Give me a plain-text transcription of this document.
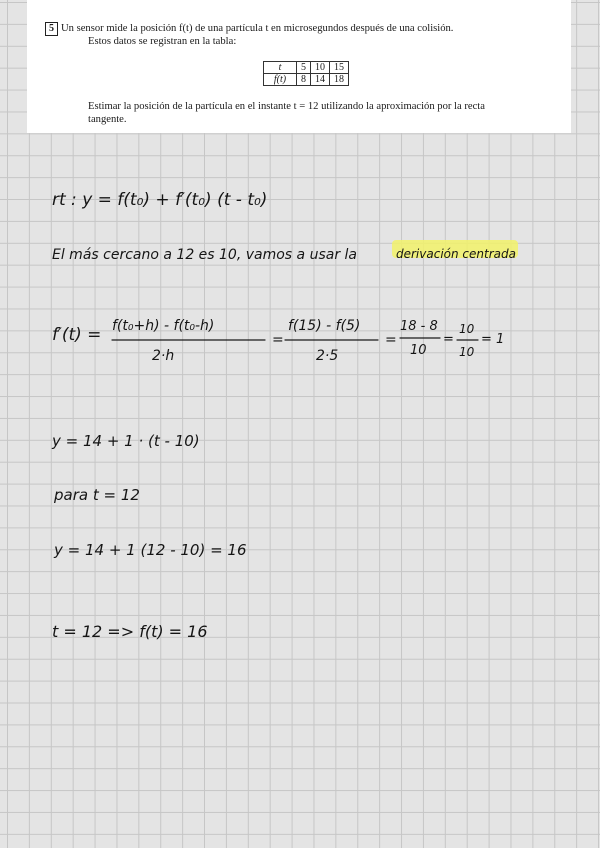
5 Un sensor mide la posición f(t) de una partícula t en microsegundos después de una colisión.
Estos datos se registran en la tabla:
t	5	10	15
f(t)	8	14	18
Estimar la posición de la partícula en el instante t = 12 utilizando la aproximación por la recta
tangente.
rt : y = f(t₀) + f′(t₀) (t - t₀)
El más cercano a 12 es 10, vamos a usar la	derivación centrada
f′(t) = f(t₀+h) - f(t₀-h)
2·h
=
f(15) - f(5)
2·5
=
18 - 8
10
=
10
10
= 1
y = 14 + 1 · (t - 10)
para t = 12
y = 14 + 1 (12 - 10) = 16
t = 12 => f(t) = 16
